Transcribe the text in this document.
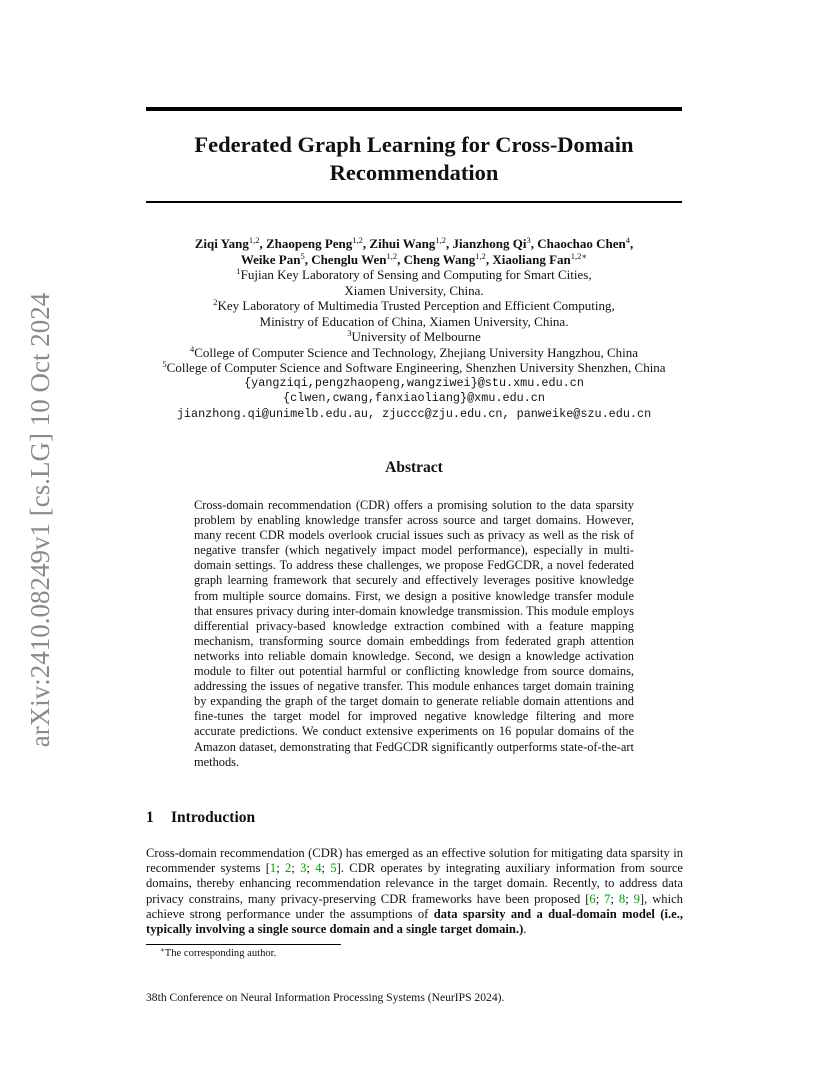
arXiv:2410.08249v1 [cs.LG] 10 Oct 2024
Federated Graph Learning for Cross-Domain
Recommendation
Ziqi Yang$^{1,2}$, Zhaopeng Peng$^{1,2}$, Zihui Wang$^{1,2}$, Jianzhong Qi$^3$, Chaochao Chen$^4$,
Weike Pan$^5$, Chenglu Wen$^{1,2}$, Cheng Wang$^{1,2}$, Xiaoliang Fan$^{1,2∗}$
$^1$Fujian Key Laboratory of Sensing and Computing for Smart Cities,
Xiamen University, China.
$^2$Key Laboratory of Multimedia Trusted Perception and Efficient Computing,
Ministry of Education of China, Xiamen University, China.
$^3$University of Melbourne
$^4$College of Computer Science and Technology, Zhejiang University Hangzhou, China
$^5$College of Computer Science and Software Engineering, Shenzhen University Shenzhen, China
{yangziqi,pengzhaopeng,wangziwei}@stu.xmu.edu.cn
{clwen,cwang,fanxiaoliang}@xmu.edu.cn
jianzhong.qi@unimelb.edu.au, zjuccc@zju.edu.cn, panweike@szu.edu.cn
Abstract
Cross-domain recommendation (CDR) offers a promising solution to the data sparsity problem by enabling knowledge transfer across source and target domains. However, many recent CDR models overlook crucial issues such as privacy as well as the risk of negative transfer (which negatively impact model performance), especially in multi-domain settings. To address these challenges, we propose FedGCDR, a novel federated graph learning framework that securely and effectively leverages positive knowledge from multiple source domains. First, we design a positive knowledge transfer module that ensures privacy during inter-domain knowledge transmission. This module employs differential privacy-based knowledge extraction combined with a feature mapping mechanism, transforming source domain embeddings from federated graph attention networks into reliable domain knowledge. Second, we design a knowledge activation module to filter out potential harmful or conflicting knowledge from source domains, addressing the issues of negative transfer. This module enhances target domain training by expanding the graph of the target domain to generate reliable domain attentions and fine-tunes the target model for improved negative knowledge filtering and more accurate predictions. We conduct extensive experiments on 16 popular domains of the Amazon dataset, demonstrating that FedGCDR significantly outperforms state-of-the-art methods.
1 Introduction
Cross-domain recommendation (CDR) has emerged as an effective solution for mitigating data sparsity in recommender systems [1; 2; 3; 4; 5]. CDR operates by integrating auxiliary information from source domains, thereby enhancing recommendation relevance in the target domain. Recently, to address data privacy constrains, many privacy-preserving CDR frameworks have been proposed [6; 7; 8; 9], which achieve strong performance under the assumptions of data sparsity and a dual-domain model (i.e., typically involving a single source domain and a single target domain.).
∗The corresponding author.
38th Conference on Neural Information Processing Systems (NeurIPS 2024).
